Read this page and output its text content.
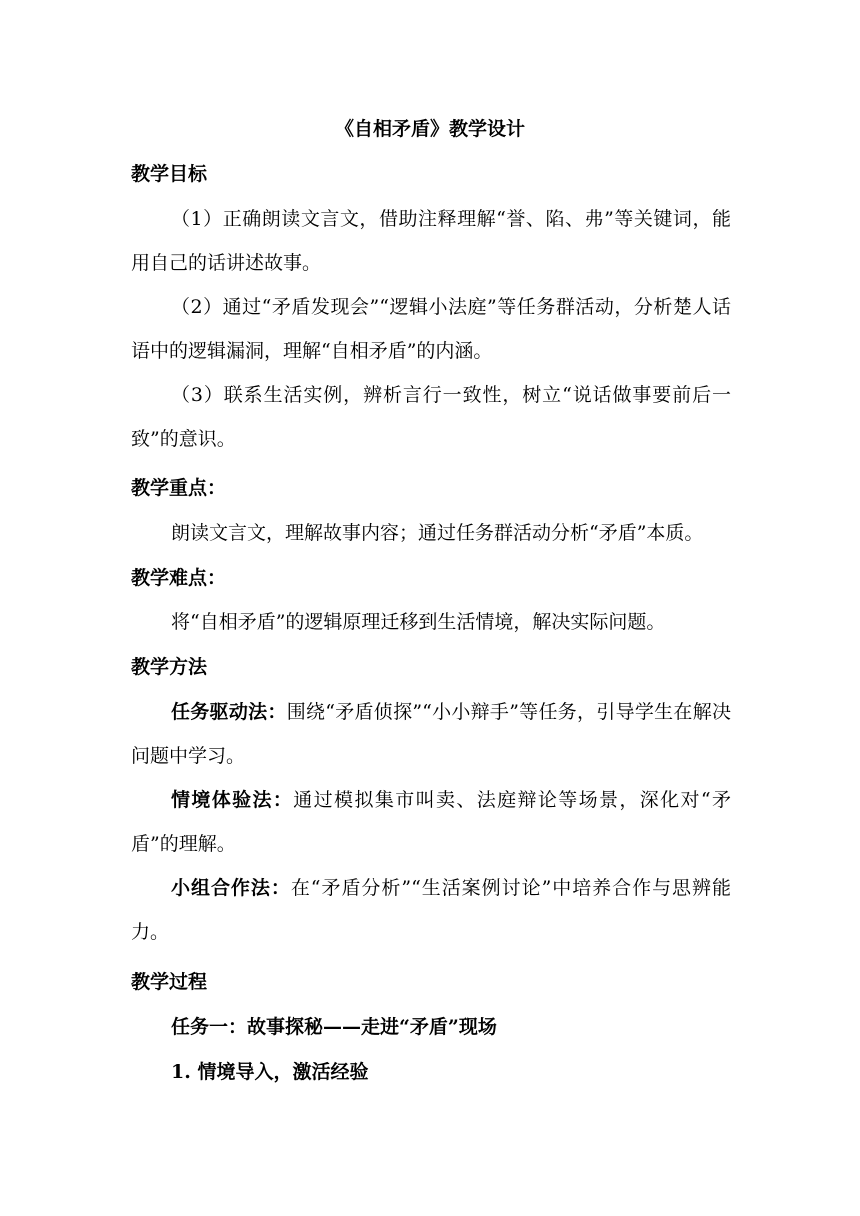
《自相矛盾》教学设计
教学目标
（1）正确朗读文言文，借助注释理解“誉、陷、弗”等关键词，能用自己的话讲述故事。
（2）通过“矛盾发现会”“逻辑小法庭”等任务群活动，分析楚人话语中的逻辑漏洞，理解“自相矛盾”的内涵。
（3）联系生活实例，辨析言行一致性，树立“说话做事要前后一致”的意识。
教学重点：
朗读文言文，理解故事内容；通过任务群活动分析“矛盾”本质。
教学难点：
将“自相矛盾”的逻辑原理迁移到生活情境，解决实际问题。
教学方法
任务驱动法：围绕“矛盾侦探”“小小辩手”等任务，引导学生在解决问题中学习。
情境体验法：通过模拟集市叫卖、法庭辩论等场景，深化对“矛盾”的理解。
小组合作法：在“矛盾分析”“生活案例讨论”中培养合作与思辨能力。
教学过程
任务一：故事探秘——走进“矛盾”现场
1. 情境导入，激活经验
